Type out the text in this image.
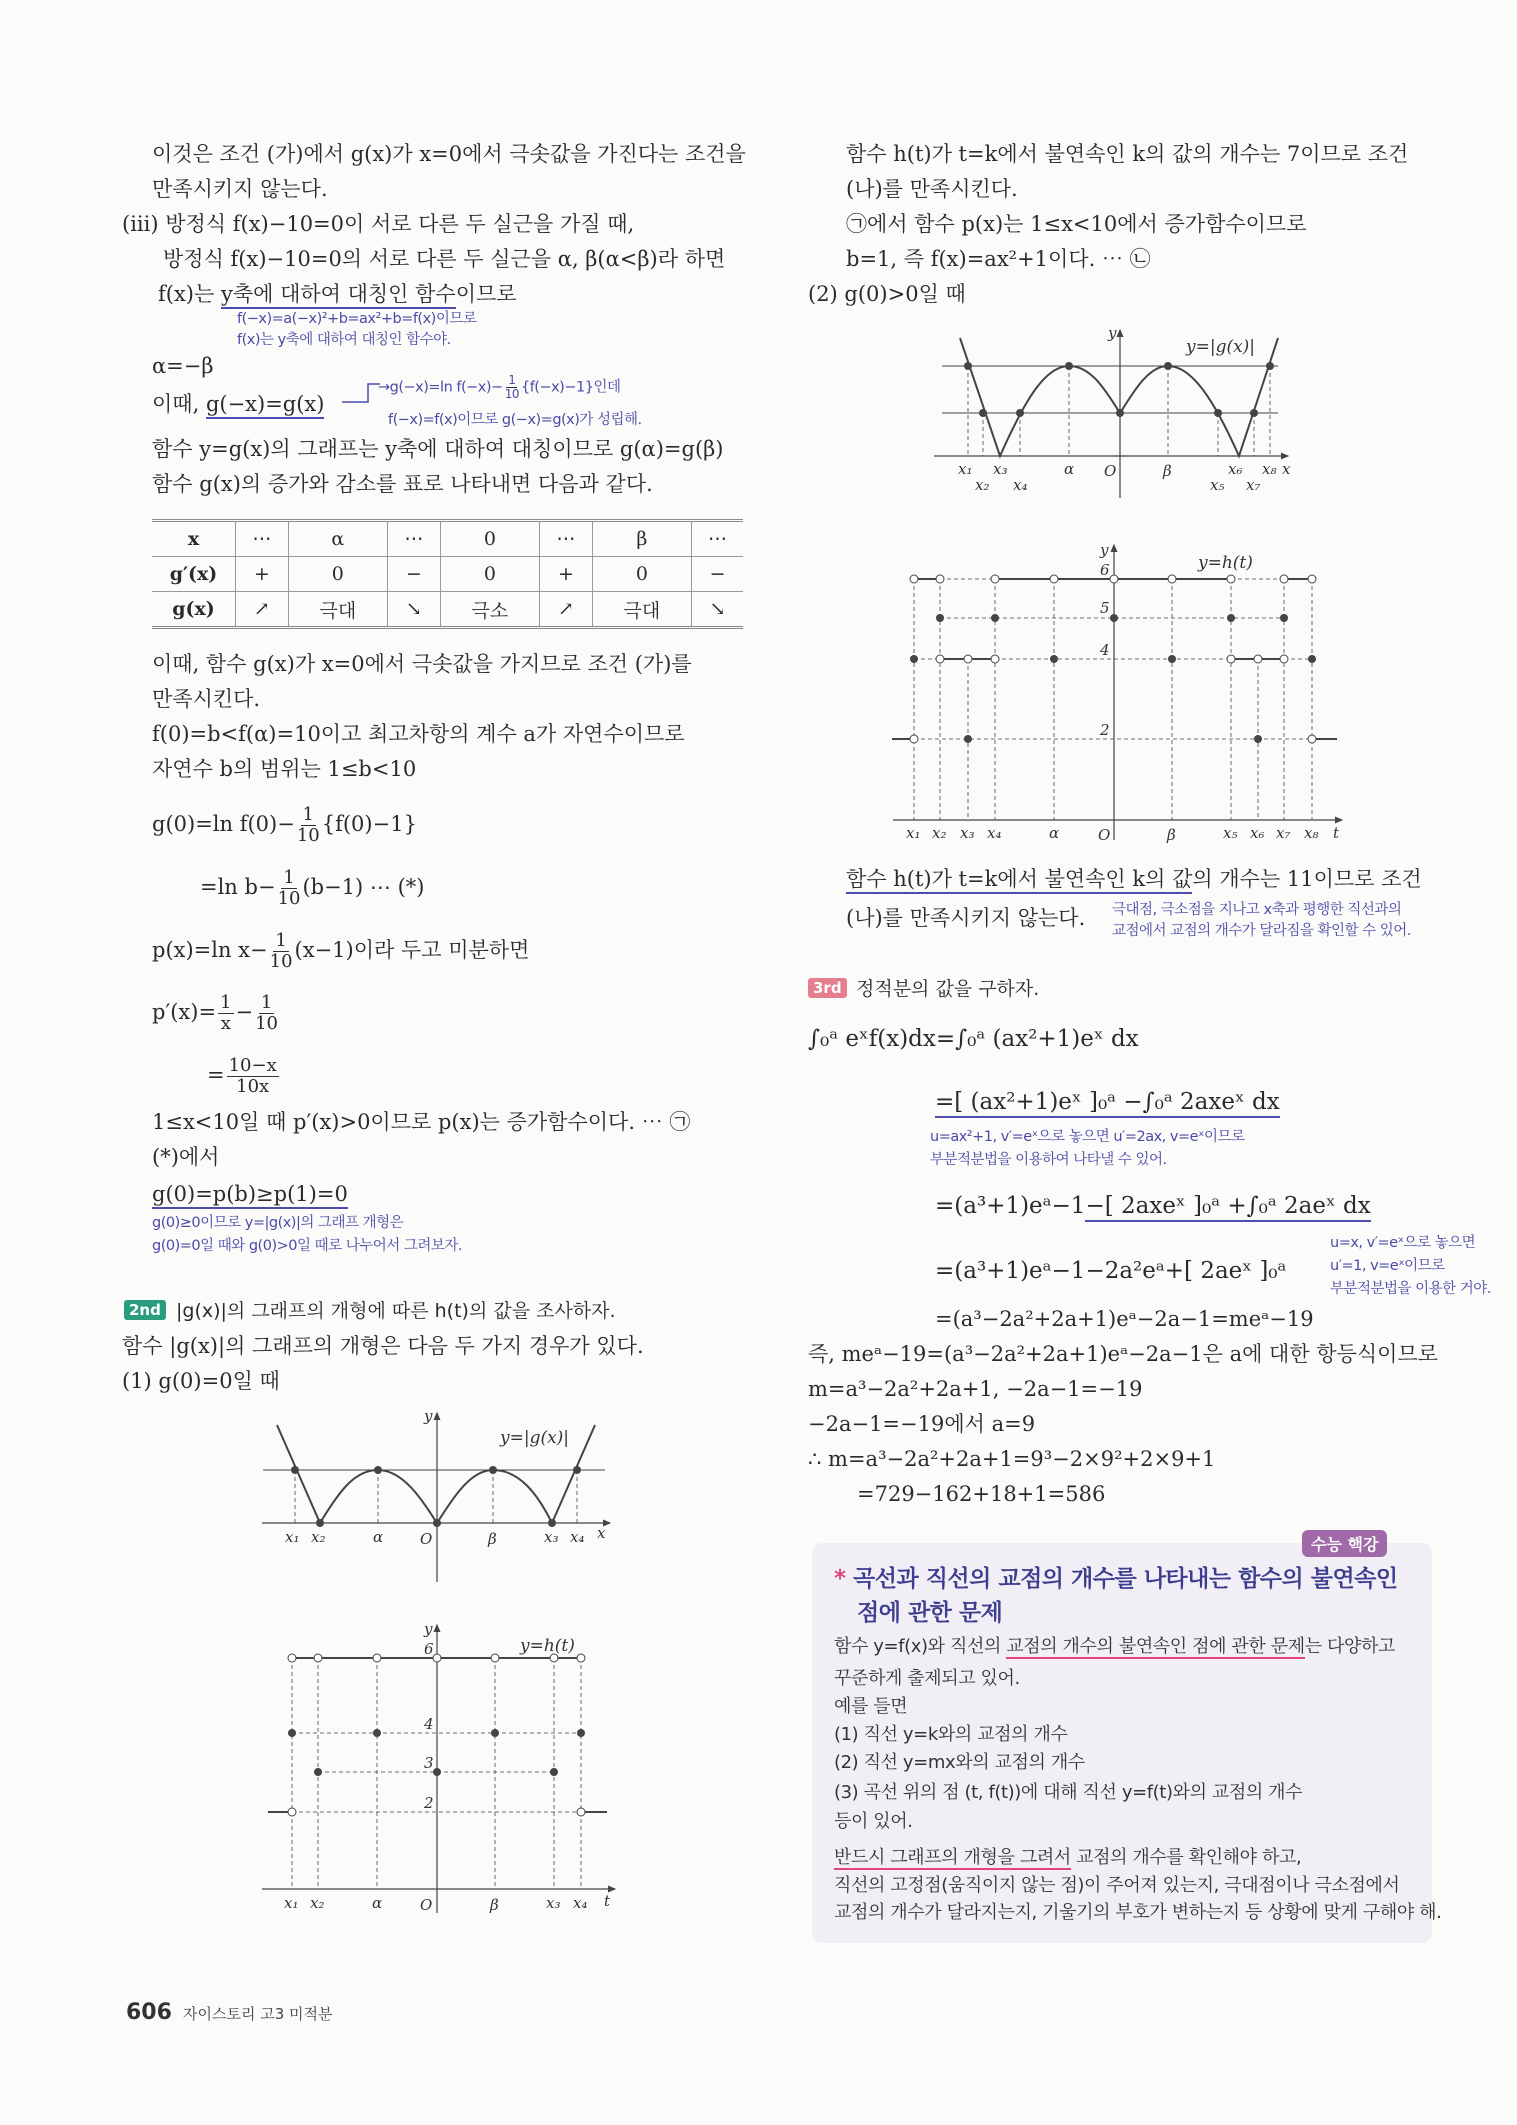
이것은 조건 (가)에서 g(x)가 x=0에서 극솟값을 가진다는 조건을
만족시키지 않는다.
(iii) 방정식 f(x)−10=0이 서로 다른 두 실근을 가질 때,
방정식 f(x)−10=0의 서로 다른 두 실근을 α, β(α<β)라 하면
f(x)는 y축에 대하여 대칭인 함수이므로
f(−x)=a(−x)²+b=ax²+b=f(x)이므로
f(x)는 y축에 대하여 대칭인 함수야.
α=−β
이때, g(−x)=g(x)
→g(−x)=ln $f(-x)- \frac{1}{10} \{f(-x)-1\}$인데
f(−x)=f(x)이므로 g(−x)=g(x)가 성립해.
함수 y=g(x)의 그래프는 y축에 대하여 대칭이므로 g(α)=g(β)
함수 g(x)의 증가와 감소를 표로 나타내면 다음과 같다.
x	⋯	α	⋯	0	⋯	β	⋯
g′(x)	+	0	−	0	+	0	−
g(x)	↗	극대	↘	극소	↗	극대	↘
이때, 함수 g(x)가 x=0에서 극솟값을 가지므로 조건 (가)를
만족시킨다.
f(0)=b<f(α)=10이고 최고차항의 계수 a가 자연수이므로
자연수 b의 범위는 1≤b<10
g(0)=ln $f(0)- \frac{1}{10} \{f(0)-1\}$
=ln $b- \frac{1}{10} (b-1)$ ⋯ (*)
p(x)=ln $x- \frac{1}{10} (x-1)$이라 두고 미분하면
$p'(x)= \frac{1}{x} - \frac{1}{10}$
= $\frac{10-x}{10x}$
1≤x<10일 때 p′(x)>0이므로 p(x)는 증가함수이다. ⋯ ㉠
(*)에서
g(0)=p(b)≥p(1)=0
g(0)≥0이므로 y=|g(x)|의 그래프 개형은
g(0)=0일 때와 g(0)>0일 때로 나누어서 그려보자.
2nd |g(x)|의 그래프의 개형에 따른 h(t)의 값을 조사하자.
함수 |g(x)|의 그래프의 개형은 다음 두 가지 경우가 있다.
(1) g(0)=0일 때
함수 h(t)가 t=k에서 불연속인 k의 값의 개수는 7이므로 조건
(나)를 만족시킨다.
㉠에서 함수 p(x)는 1≤x<10에서 증가함수이므로
b=1, 즉 f(x)=ax²+1이다. ⋯ ㉡
(2) g(0)>0일 때
함수 h(t)가 t=k에서 불연속인 k의 값의 개수는 11이므로 조건
(나)를 만족시키지 않는다. 극대점, 극소점을 지나고 x축과 평행한 직선과의
교점에서 교점의 개수가 달라짐을 확인할 수 있어.
3rd 정적분의 값을 구하자.
∫₀ᵃ eˣf(x)dx=∫₀ᵃ (ax²+1)eˣ dx
=[ (ax²+1)eˣ ]₀ᵃ −∫₀ᵃ 2axeˣ dx
u=ax²+1, v′=eˣ으로 놓으면 u′=2ax, v=eˣ이므로
부분적분법을 이용하여 나타낼 수 있어.
=(a³+1)eᵃ−1−[ 2axeˣ ]₀ᵃ +∫₀ᵃ 2aeˣ dx
u=x, v′=eˣ으로 놓으면
u′=1, v=eˣ이므로
부분적분법을 이용한 거야.
=(a³+1)eᵃ−1−2a²eᵃ+[ 2aeˣ ]₀ᵃ
=(a³−2a²+2a+1)eᵃ−2a−1=meᵃ−19
즉, meᵃ−19=(a³−2a²+2a+1)eᵃ−2a−1은 a에 대한 항등식이므로
m=a³−2a²+2a+1, −2a−1=−19
−2a−1=−19에서 a=9
∴ m=a³−2a²+2a+1=9³−2×9²+2×9+1
=729−162+18+1=586
수능 핵강
* 곡선과 직선의 교점의 개수를 나타내는 함수의 불연속인
점에 관한 문제
함수 y=f(x)와 직선의 교점의 개수의 불연속인 점에 관한 문제는 다양하고
꾸준하게 출제되고 있어.
예를 들면
(1) 직선 y=k와의 교점의 개수
(2) 직선 y=mx와의 교점의 개수
(3) 곡선 위의 점 (t, f(t))에 대해 직선 y=f(t)와의 교점의 개수
등이 있어.
반드시 그래프의 개형을 그려서 교점의 개수를 확인해야 하고,
직선의 고정점(움직이지 않는 점)이 주어져 있는지, 극대점이나 극소점에서
교점의 개수가 달라지는지, 기울기의 부호가 변하는지 등 상황에 맞게 구해야 해.
y
y=|g(x)|
x₁
x₂
x₃
x₄
α O	β
x₅
x₆
x₇
x₈ x
y
y=h(t)
6
5
4
2
x₁ x₂ x₃ x₄	α	O	β	x₅ x₆ x₇ x₈ t
y
y=|g(x)|
x₁ x₂	α O	β	x₃ x₄ x
y
y=h(t)
6
4
3
2
x₁ x₂	α	O	β	x₃ x₄ t
606 자이스토리 고3 미적분
